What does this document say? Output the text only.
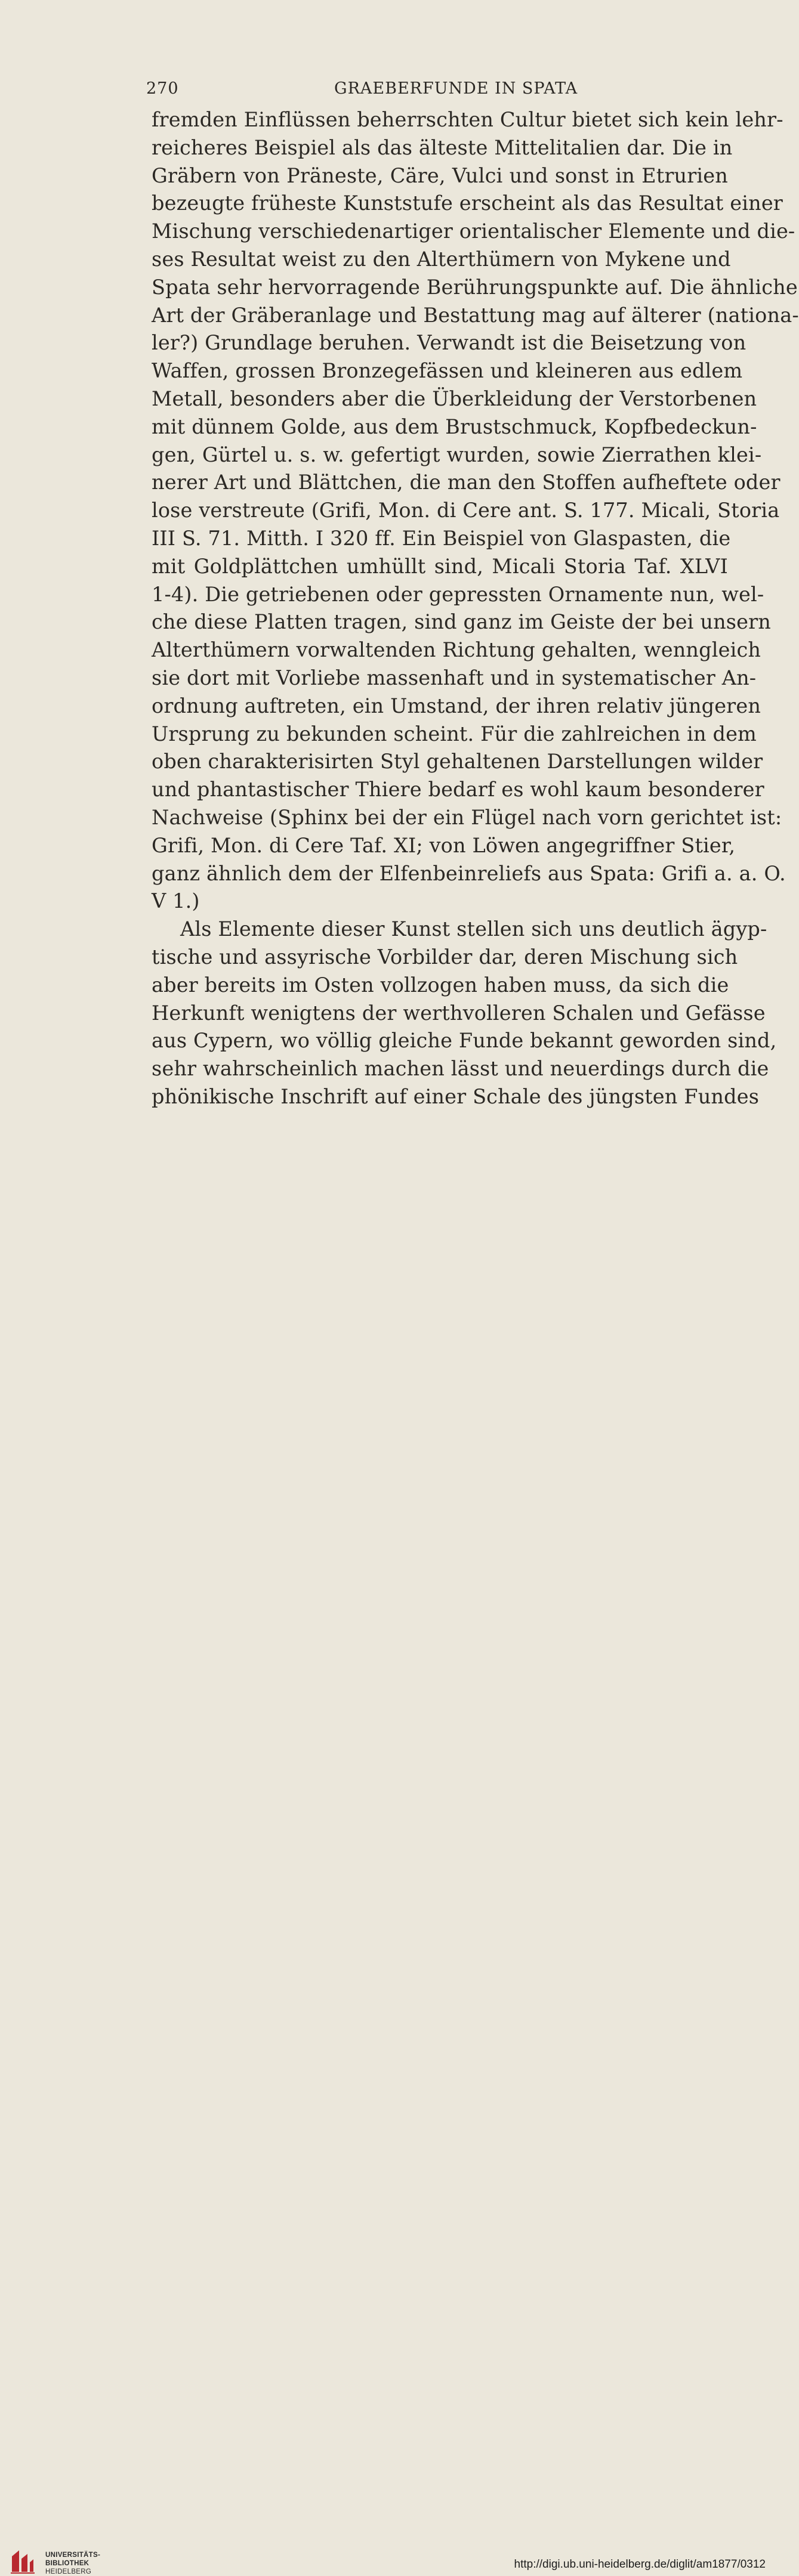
270	GRAEBERFUNDE IN SPATA
fremden Einflüssen beherrschten Cultur bietet sich kein lehr-
reicheres Beispiel als das älteste Mittelitalien dar. Die in
Gräbern von Präneste, Cäre, Vulci und sonst in Etrurien
bezeugte früheste Kunststufe erscheint als das Resultat einer
Mischung verschiedenartiger orientalischer Elemente und die-
ses Resultat weist zu den Alterthümern von Mykene und
Spata sehr hervorragende Berührungspunkte auf. Die ähnliche
Art der Gräberanlage und Bestattung mag auf älterer (nationa-
ler?) Grundlage beruhen. Verwandt ist die Beisetzung von
Waffen, grossen Bronzegefässen und kleineren aus edlem
Metall, besonders aber die Überkleidung der Verstorbenen
mit dünnem Golde, aus dem Brustschmuck, Kopfbedeckun-
gen, Gürtel u. s. w. gefertigt wurden, sowie Zierrathen klei-
nerer Art und Blättchen, die man den Stoffen aufheftete oder
lose verstreute (Grifi, Mon. di Cere ant. S. 177. Micali, Storia
III S. 71. Mitth. I 320 ff. Ein Beispiel von Glaspasten, die
mit Goldplättchen umhüllt sind, Micali Storia Taf. XLVI
1-4). Die getriebenen oder gepressten Ornamente nun, wel-
che diese Platten tragen, sind ganz im Geiste der bei unsern
Alterthümern vorwaltenden Richtung gehalten, wenngleich
sie dort mit Vorliebe massenhaft und in systematischer An-
ordnung auftreten, ein Umstand, der ihren relativ jüngeren
Ursprung zu bekunden scheint. Für die zahlreichen in dem
oben charakterisirten Styl gehaltenen Darstellungen wilder
und phantastischer Thiere bedarf es wohl kaum besonderer
Nachweise (Sphinx bei der ein Flügel nach vorn gerichtet ist:
Grifi, Mon. di Cere Taf. XI; von Löwen angegriffner Stier,
ganz ähnlich dem der Elfenbeinreliefs aus Spata: Grifi a. a. O.
V 1.)
Als Elemente dieser Kunst stellen sich uns deutlich ägyp-
tische und assyrische Vorbilder dar, deren Mischung sich
aber bereits im Osten vollzogen haben muss, da sich die
Herkunft wenigtens der werthvolleren Schalen und Gefässe
aus Cypern, wo völlig gleiche Funde bekannt geworden sind,
sehr wahrscheinlich machen lässt und neuerdings durch die
phönikische Inschrift auf einer Schale des jüngsten Fundes
UNIVERSITÄTS-
BIBLIOTHEK
HEIDELBERG
http://digi.ub.uni-heidelberg.de/diglit/am1877/0312
